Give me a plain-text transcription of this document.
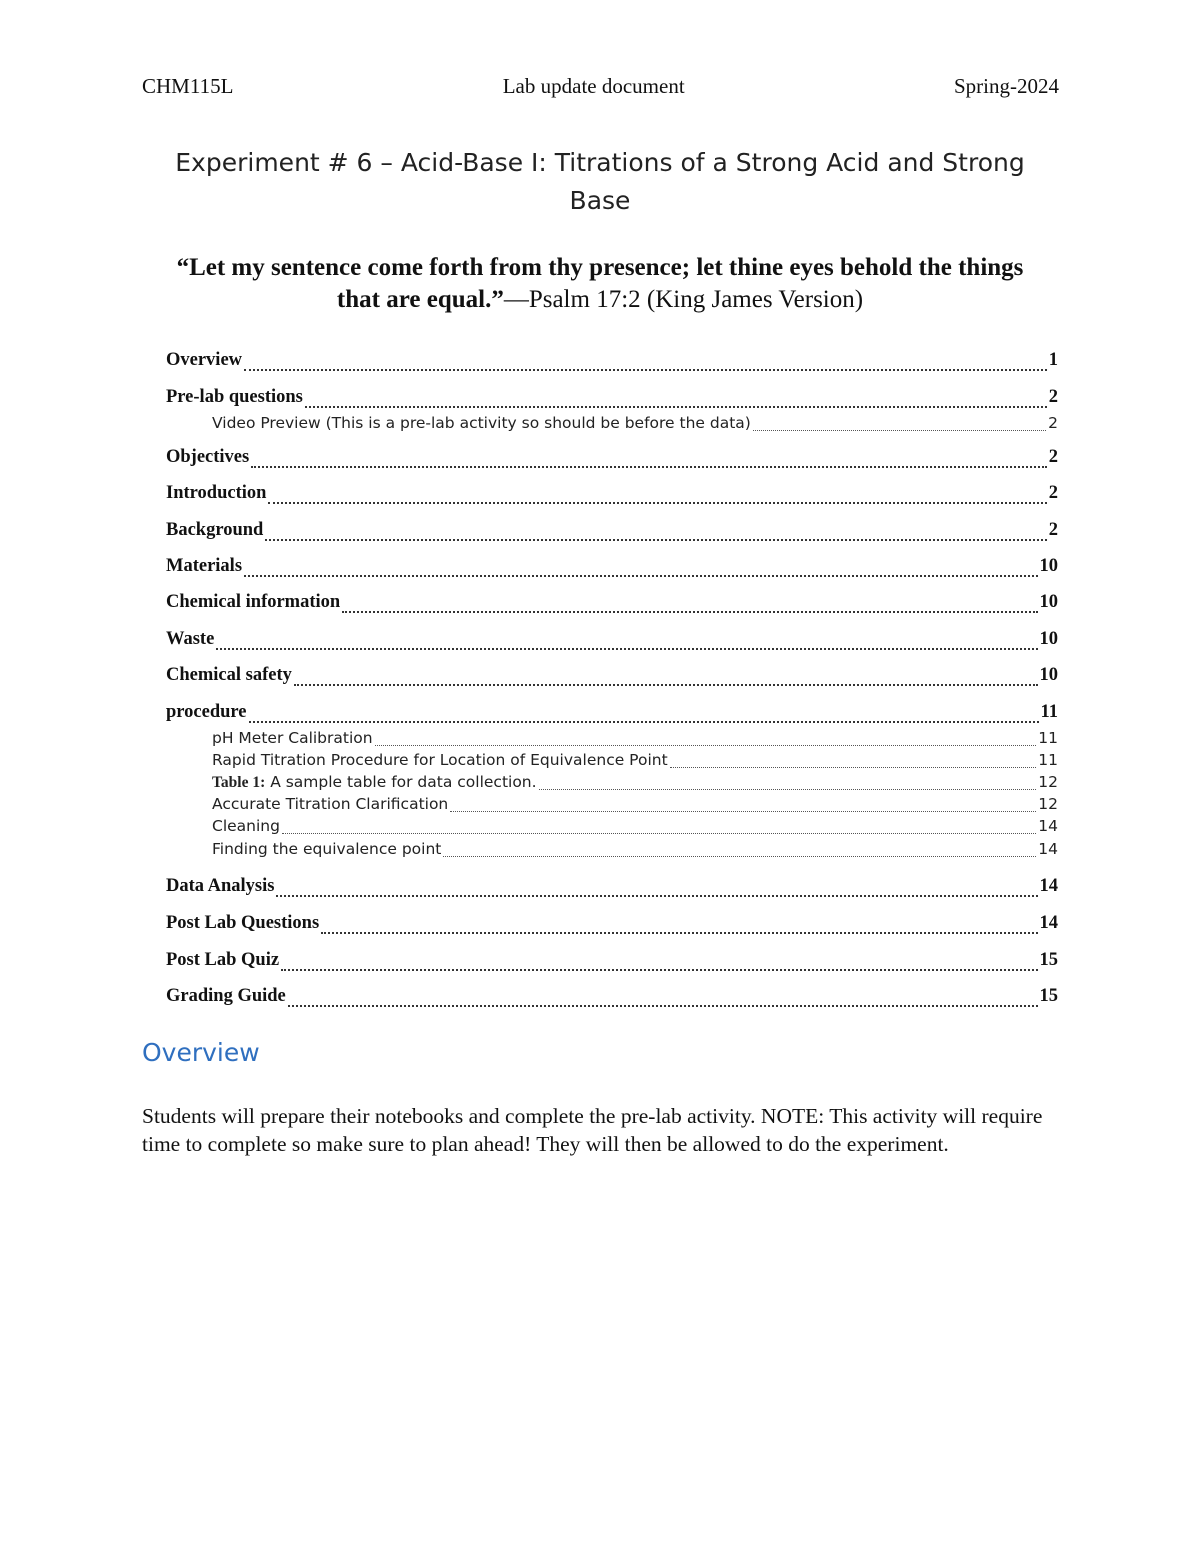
CHM115L	Lab update document	Spring-2024
Experiment # 6 – Acid-Base I: Titrations of a Strong Acid and Strong
Base
“Let my sentence come forth from thy presence; let thine eyes behold the things
that are equal.”—Psalm 17:2 (King James Version)
Overview	1
Pre-lab questions	2
Video Preview (This is a pre-lab activity so should be before the data)	2
Objectives	2
Introduction	2
Background	2
Materials	10
Chemical information	10
Waste	10
Chemical safety	10
procedure	11
pH Meter Calibration	11
Rapid Titration Procedure for Location of Equivalence Point	11
Table 1: A sample table for data collection.	12
Accurate Titration Clarification	12
Cleaning	14
Finding the equivalence point	14
Data Analysis	14
Post Lab Questions	14
Post Lab Quiz	15
Grading Guide	15
Overview
Students will prepare their notebooks and complete the pre-lab activity. NOTE: This activity will require time to complete so make sure to plan ahead! They will then be allowed to do the experiment.
